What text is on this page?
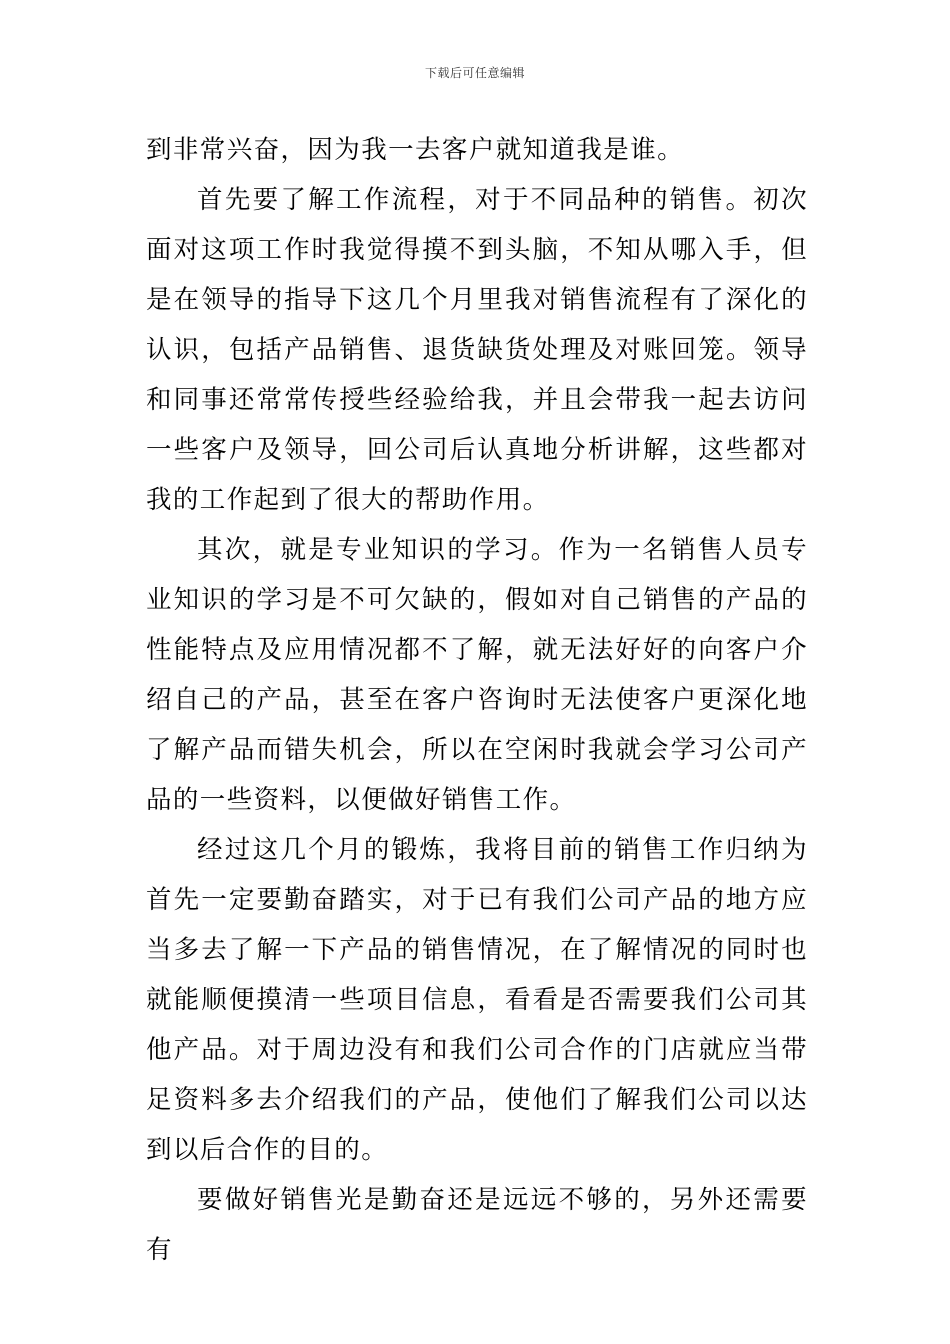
下载后可任意编辑

到非常兴奋，因为我一去客户就知道我是谁。

首先要了解工作流程，对于不同品种的销售。初次面对这项工作时我觉得摸不到头脑，不知从哪入手，但是在领导的指导下这几个月里我对销售流程有了深化的认识，包括产品销售、退货缺货处理及对账回笼。领导和同事还常常传授些经验给我，并且会带我一起去访问一些客户及领导，回公司后认真地分析讲解，这些都对我的工作起到了很大的帮助作用。

其次，就是专业知识的学习。作为一名销售人员专业知识的学习是不可欠缺的，假如对自己销售的产品的性能特点及应用情况都不了解，就无法好好的向客户介绍自己的产品，甚至在客户咨询时无法使客户更深化地了解产品而错失机会，所以在空闲时我就会学习公司产品的一些资料，以便做好销售工作。

经过这几个月的锻炼，我将目前的销售工作归纳为首先一定要勤奋踏实，对于已有我们公司产品的地方应当多去了解一下产品的销售情况，在了解情况的同时也就能顺便摸清一些项目信息，看看是否需要我们公司其他产品。对于周边没有和我们公司合作的门店就应当带足资料多去介绍我们的产品，使他们了解我们公司以达到以后合作的目的。

要做好销售光是勤奋还是远远不够的，另外还需要有
